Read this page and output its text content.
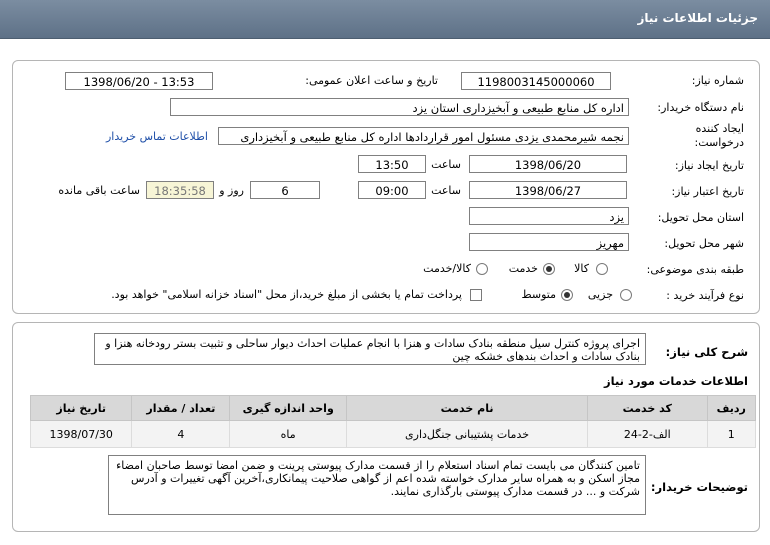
جزئیات اطلاعات نیاز
شماره نیاز:
1198003145000060
تاریخ و ساعت اعلان عمومی:
1398/06/20 - 13:53
نام دستگاه خریدار:
اداره کل منابع طبیعی و آبخیزداری استان یزد
ایجاد کننده
درخواست:
نجمه شیرمحمدی یزدی مسئول امور قراردادها اداره کل منابع طبیعی و آبخیزداری
اطلاعات تماس خریدار
تاریخ ایجاد نیاز:
1398/06/20
ساعت
13:50
تاریخ اعتبار نیاز:
1398/06/27
ساعت
09:00
6
روز و
18:35:58
ساعت باقی مانده
استان محل تحویل:
یزد
شهر محل تحویل:
مهریز
طبقه بندی موضوعی:
کالا
خدمت
کالا/خدمت
نوع فرآیند خرید :
جزیی
متوسط
پرداخت تمام یا بخشی از مبلغ خرید،از محل "اسناد خزانه اسلامی" خواهد بود.
شرح کلی نیاز:
اجرای پروژه کنترل سیل منطقه بنادک سادات و هنزا با انجام عملیات احداث دیوار ساحلی و تثبیت بستر رودخانه هنزا و بنادک سادات و احداث بندهای خشکه چین
اطلاعات خدمات مورد نیاز
تاریخ نیاز	تعداد / مقدار	واحد اندازه گیری	نام خدمت	کد خدمت	ردیف
1398/07/30	4	ماه	خدمات پشتیبانی جنگل‌داری	الف-2-24	1
توضیحات خریدار:
تامین کنندگان می بایست تمام اسناد استعلام را از قسمت مدارک پیوستی پرینت و ضمن امضا توسط صاحبان امضاء مجاز اسکن و به همراه سایر مدارک خواسته شده اعم از گواهی صلاحیت پیمانکاری،آخرین آگهی تغییرات و آدرس شرکت و ... در قسمت مدارک پیوستی بارگذاری نمایند.
